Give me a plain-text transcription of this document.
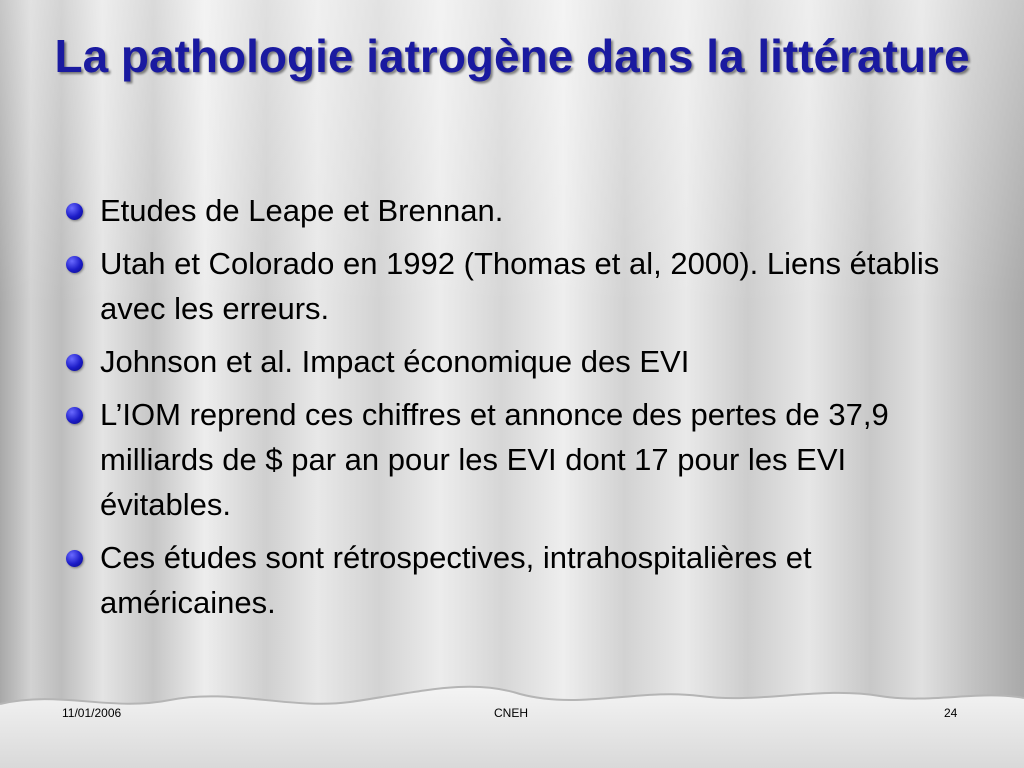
La pathologie iatrogène dans la littérature
Etudes de Leape et Brennan.
Utah et Colorado en 1992 (Thomas et al, 2000). Liens établis avec les erreurs.
Johnson et al. Impact économique des EVI
L’IOM reprend ces chiffres et annonce des pertes de 37,9 milliards de $ par an pour les EVI dont 17 pour les EVI évitables.
Ces études sont rétrospectives, intrahospitalières et américaines.
11/01/2006	CNEH	24
